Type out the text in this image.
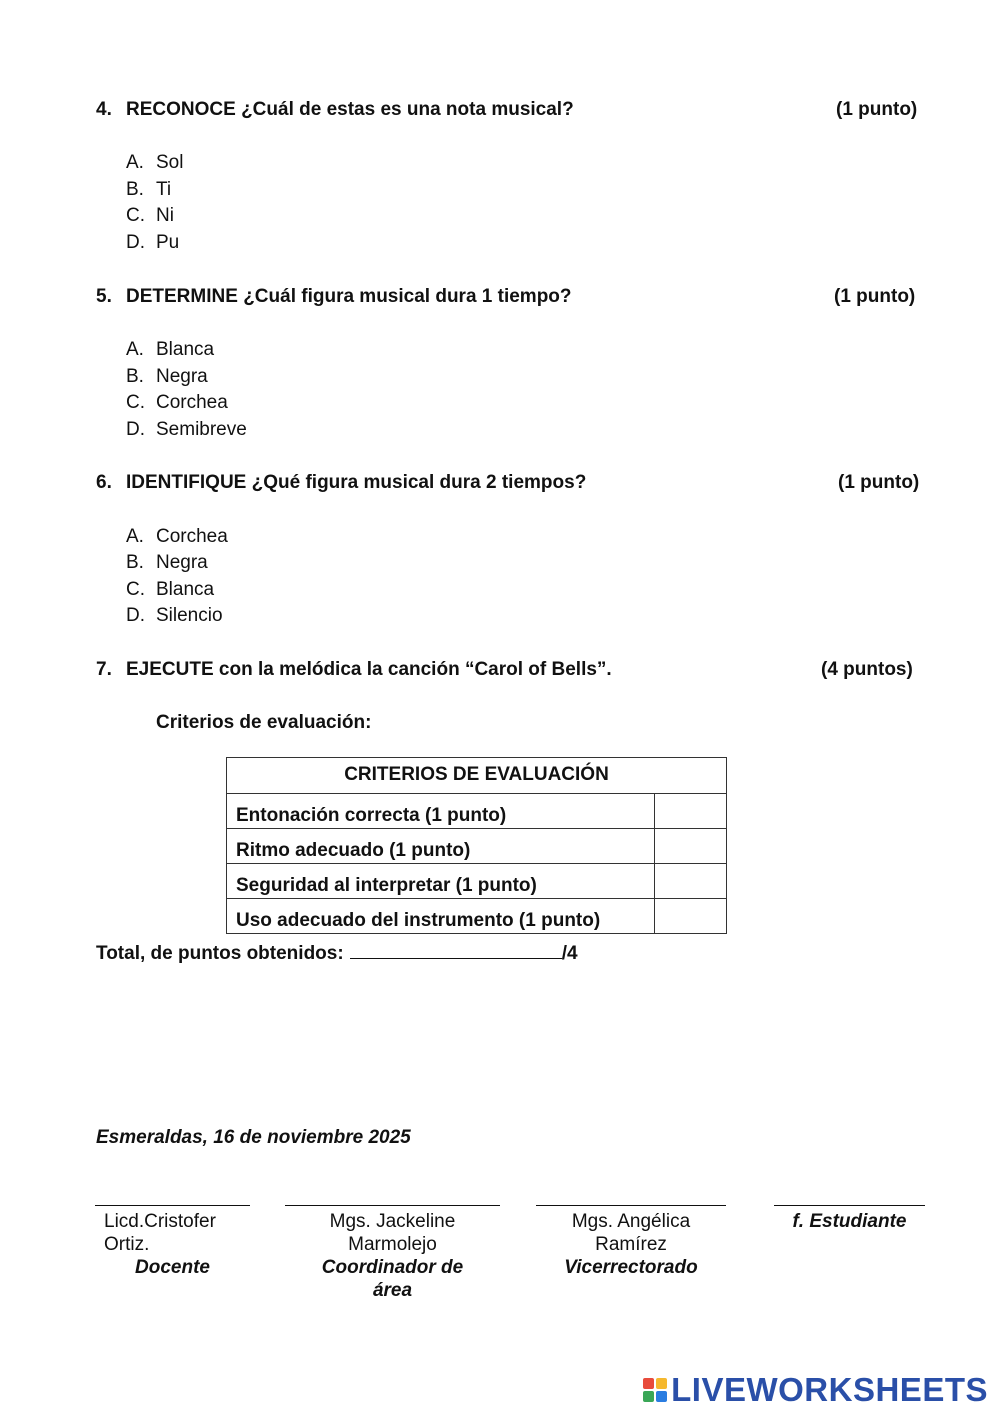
4. RECONOCE ¿Cuál de estas es una nota musical?	(1 punto)
A. Sol
B. Ti
C. Ni
D. Pu
5. DETERMINE ¿Cuál figura musical dura 1 tiempo?	(1 punto)
A. Blanca
B. Negra
C. Corchea
D. Semibreve
6. IDENTIFIQUE ¿Qué figura musical dura 2 tiempos?	(1 punto)
A. Corchea
B. Negra
C. Blanca
D. Silencio
7. EJECUTE con la melódica la canción “Carol of Bells”.	(4 puntos)
Criterios de evaluación:
CRITERIOS DE EVALUACIÓN	
Entonación correcta (1 punto)	
Ritmo adecuado (1 punto)	
Seguridad al interpretar (1 punto)	
Uso adecuado del instrumento (1 punto)	
Total, de puntos obtenidos:	/4
Esmeraldas, 16 de noviembre 2025
Licd.Cristofer
Ortiz.
Docente
Mgs. Jackeline
Marmolejo
Coordinador de área
Mgs. Angélica
Ramírez
Vicerrectorado
f. Estudiante
LIVEWORKSHEETS
